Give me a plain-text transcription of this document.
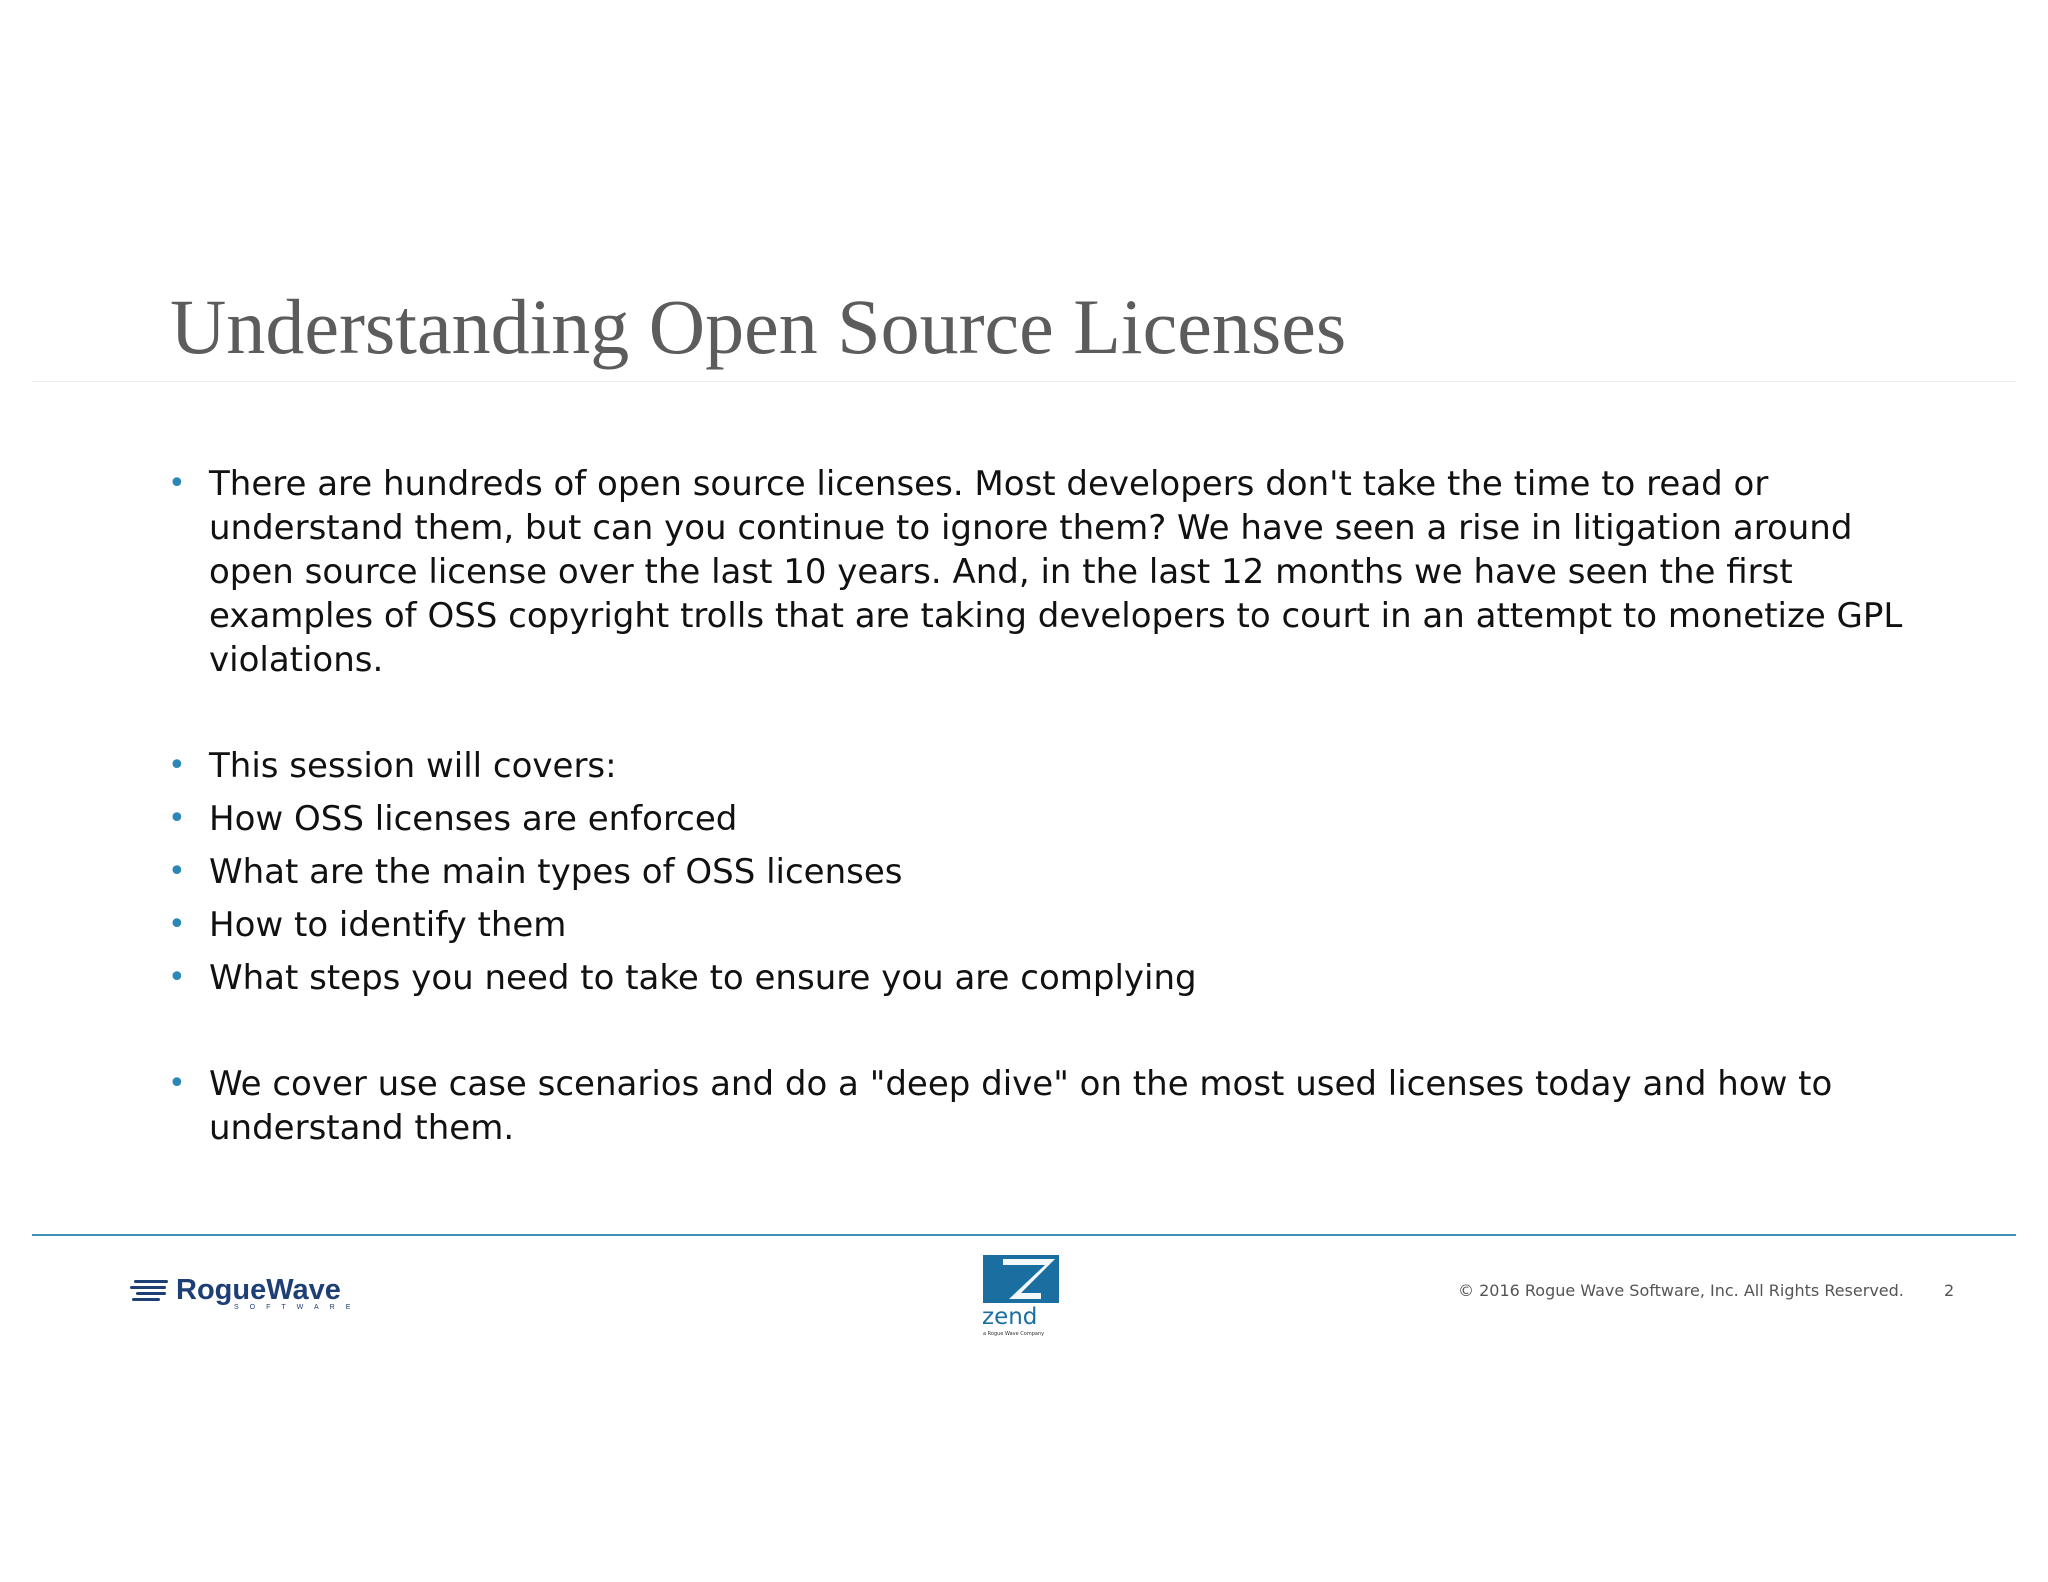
Understanding Open Source Licenses
• There are hundreds of open source licenses. Most developers don't take the time to read or understand them, but can you continue to ignore them? We have seen a rise in litigation around open source license over the last 10 years. And, in the last 12 months we have seen the first examples of OSS copyright trolls that are taking developers to court in an attempt to monetize GPL violations.
• This session will covers:
• How OSS licenses are enforced
• What are the main types of OSS licenses
• How to identify them
• What steps you need to take to ensure you are complying
• We cover use case scenarios and do a "deep dive" on the most used licenses today and how to understand them.
RogueWave
SOFTWARE	zend
a Rogue Wave Company
© 2016 Rogue Wave Software, Inc. All Rights Reserved.	2
